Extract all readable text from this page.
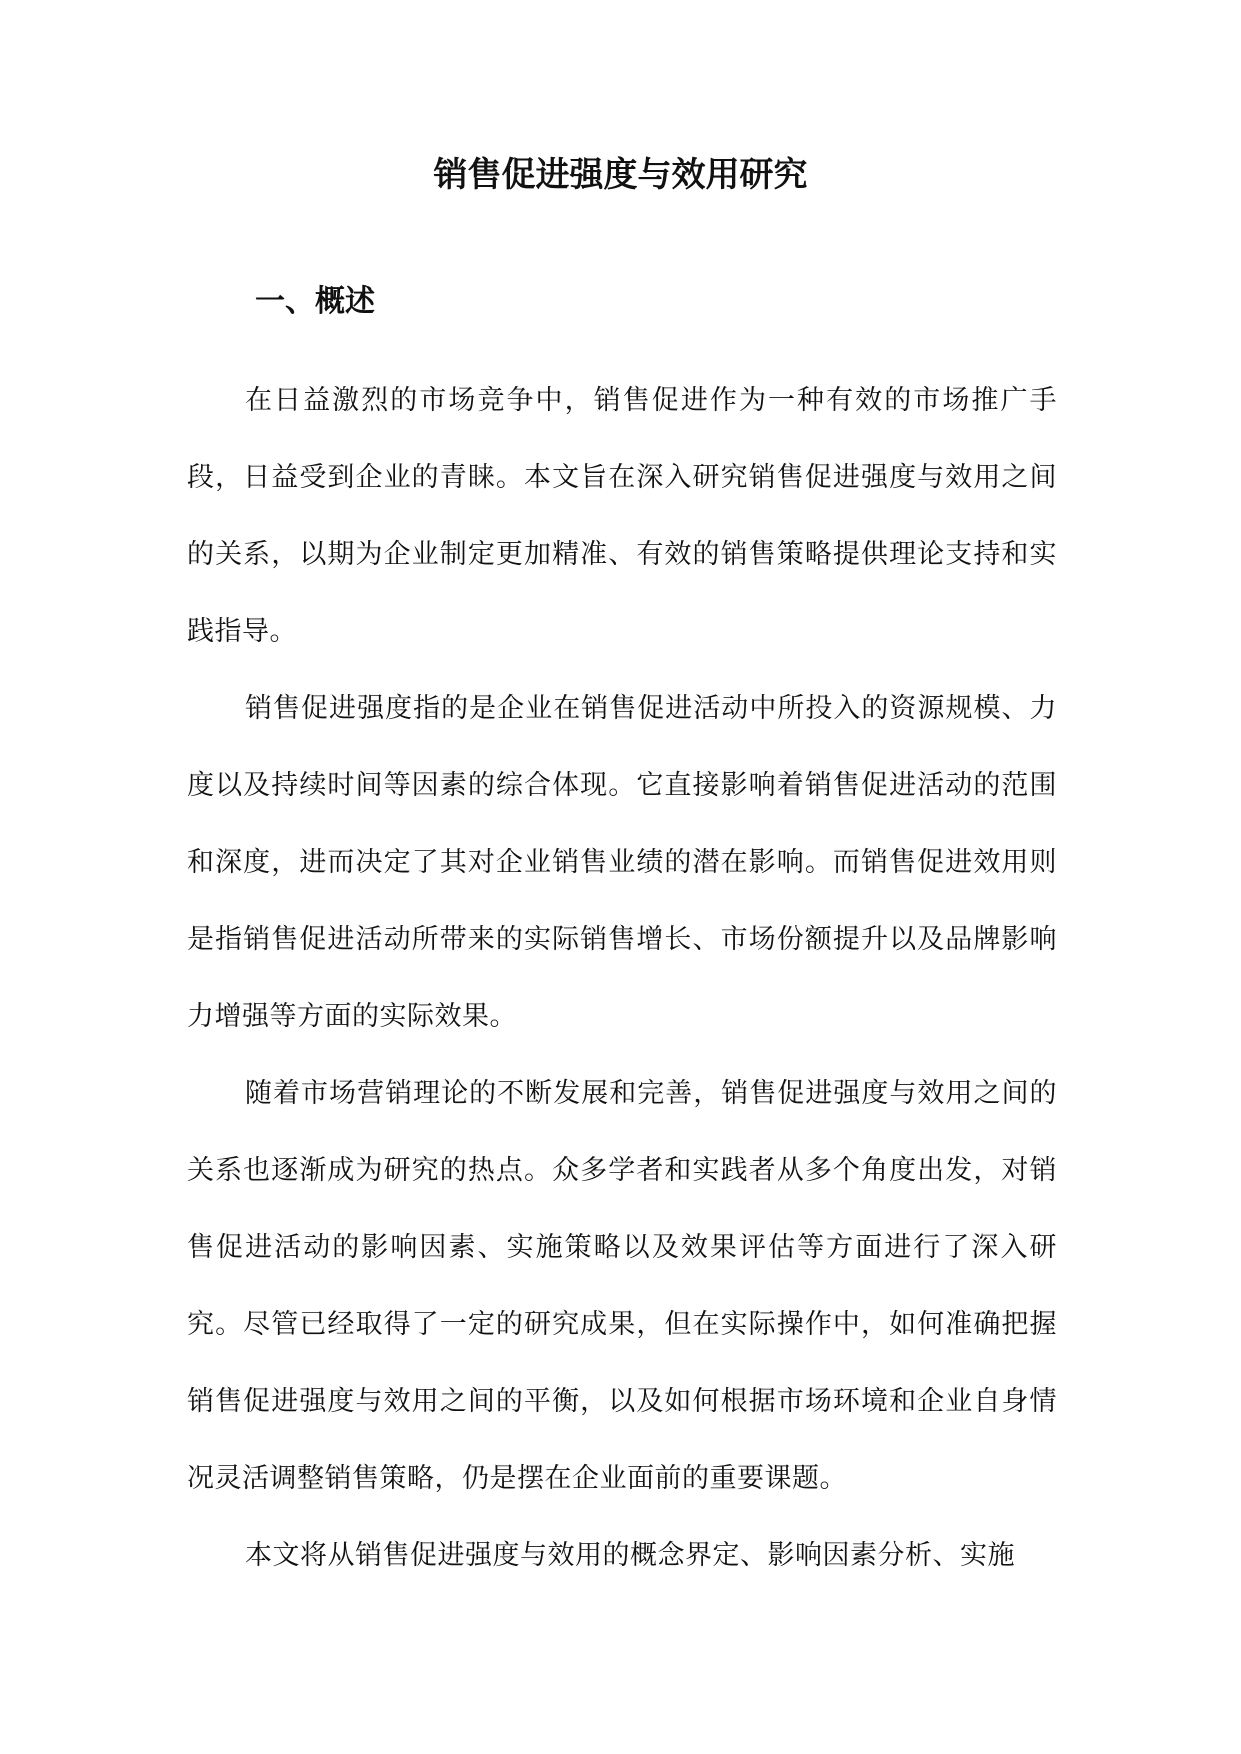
销售促进强度与效用研究
一、概述

在日益激烈的市场竞争中，销售促进作为一种有效的市场推广手段，日益受到企业的青睐。本文旨在深入研究销售促进强度与效用之间的关系，以期为企业制定更加精准、有效的销售策略提供理论支持和实践指导。

销售促进强度指的是企业在销售促进活动中所投入的资源规模、力度以及持续时间等因素的综合体现。它直接影响着销售促进活动的范围和深度，进而决定了其对企业销售业绩的潜在影响。而销售促进效用则是指销售促进活动所带来的实际销售增长、市场份额提升以及品牌影响力增强等方面的实际效果。

随着市场营销理论的不断发展和完善，销售促进强度与效用之间的关系也逐渐成为研究的热点。众多学者和实践者从多个角度出发，对销售促进活动的影响因素、实施策略以及效果评估等方面进行了深入研究。尽管已经取得了一定的研究成果，但在实际操作中，如何准确把握销售促进强度与效用之间的平衡，以及如何根据市场环境和企业自身情况灵活调整销售策略，仍是摆在企业面前的重要课题。

本文将从销售促进强度与效用的概念界定、影响因素分析、实施
